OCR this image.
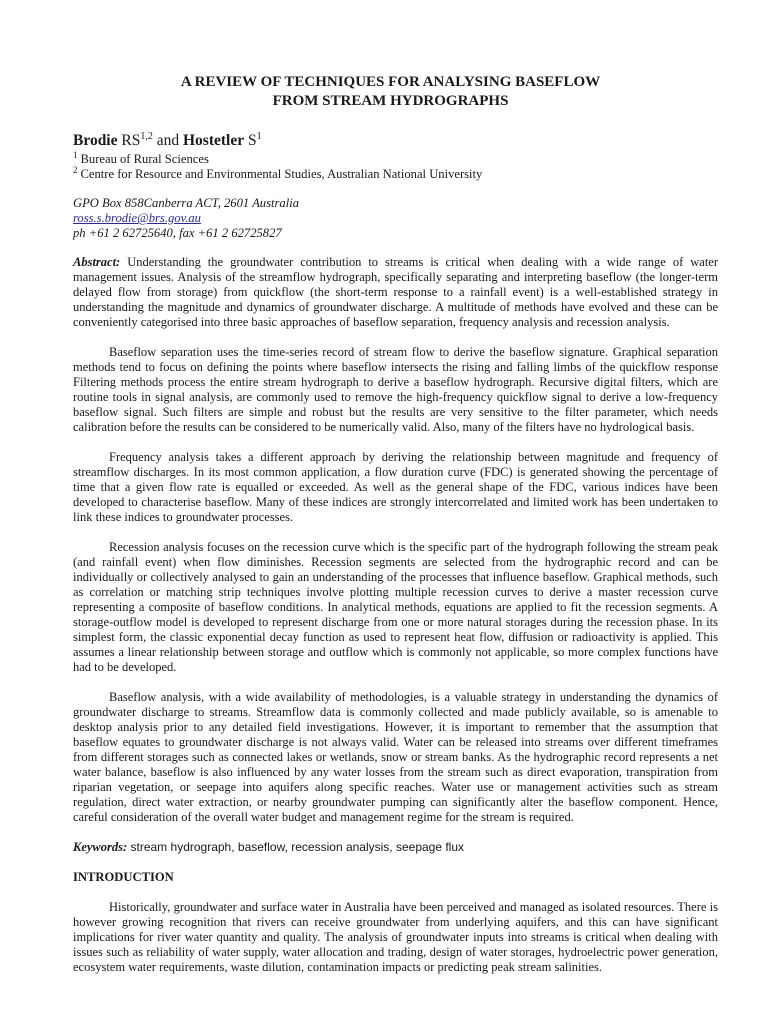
A REVIEW OF TECHNIQUES FOR ANALYSING BASEFLOW
FROM STREAM HYDROGRAPHS
Brodie RS$^{1,2}$ and Hostetler $S^1$
$^1$ Bureau of Rural Sciences
$^2$ Centre for Resource and Environmental Studies, Australian National University
GPO Box 858Canberra ACT, 2601 Australia
ross.s.brodie@brs.gov.au
ph +61 2 62725640, fax +61 2 62725827

Abstract: Understanding the groundwater contribution to streams is critical when dealing with a wide range of water management issues. Analysis of the streamflow hydrograph, specifically separating and interpreting baseflow (the longer-term delayed flow from storage) from quickflow (the short-term response to a rainfall event) is a well-established strategy in understanding the magnitude and dynamics of groundwater discharge. A multitude of methods have evolved and these can be conveniently categorised into three basic approaches of baseflow separation, frequency analysis and recession analysis.

Baseflow separation uses the time-series record of stream flow to derive the baseflow signature. Graphical separation methods tend to focus on defining the points where baseflow intersects the rising and falling limbs of the quickflow response Filtering methods process the entire stream hydrograph to derive a baseflow hydrograph. Recursive digital filters, which are routine tools in signal analysis, are commonly used to remove the high-frequency quickflow signal to derive a low-frequency baseflow signal. Such filters are simple and robust but the results are very sensitive to the filter parameter, which needs calibration before the results can be considered to be numerically valid. Also, many of the filters have no hydrological basis.

Frequency analysis takes a different approach by deriving the relationship between magnitude and frequency of streamflow discharges. In its most common application, a flow duration curve (FDC) is generated showing the percentage of time that a given flow rate is equalled or exceeded. As well as the general shape of the FDC, various indices have been developed to characterise baseflow. Many of these indices are strongly intercorrelated and limited work has been undertaken to link these indices to groundwater processes.

Recession analysis focuses on the recession curve which is the specific part of the hydrograph following the stream peak (and rainfall event) when flow diminishes. Recession segments are selected from the hydrographic record and can be individually or collectively analysed to gain an understanding of the processes that influence baseflow. Graphical methods, such as correlation or matching strip techniques involve plotting multiple recession curves to derive a master recession curve representing a composite of baseflow conditions. In analytical methods, equations are applied to fit the recession segments. A storage-outflow model is developed to represent discharge from one or more natural storages during the recession phase. In its simplest form, the classic exponential decay function as used to represent heat flow, diffusion or radioactivity is applied. This assumes a linear relationship between storage and outflow which is commonly not applicable, so more complex functions have had to be developed.

Baseflow analysis, with a wide availability of methodologies, is a valuable strategy in understanding the dynamics of groundwater discharge to streams. Streamflow data is commonly collected and made publicly available, so is amenable to desktop analysis prior to any detailed field investigations. However, it is important to remember that the assumption that baseflow equates to groundwater discharge is not always valid. Water can be released into streams over different timeframes from different storages such as connected lakes or wetlands, snow or stream banks. As the hydrographic record represents a net water balance, baseflow is also influenced by any water losses from the stream such as direct evaporation, transpiration from riparian vegetation, or seepage into aquifers along specific reaches. Water use or management activities such as stream regulation, direct water extraction, or nearby groundwater pumping can significantly alter the baseflow component. Hence, careful consideration of the overall water budget and management regime for the stream is required.

Keywords: stream hydrograph, baseflow, recession analysis, seepage flux

INTRODUCTION

Historically, groundwater and surface water in Australia have been perceived and managed as isolated resources. There is however growing recognition that rivers can receive groundwater from underlying aquifers, and this can have significant implications for river water quantity and quality. The analysis of groundwater inputs into streams is critical when dealing with issues such as reliability of water supply, water allocation and trading, design of water storages, hydroelectric power generation, ecosystem water requirements, waste dilution, contamination impacts or predicting peak stream salinities.
